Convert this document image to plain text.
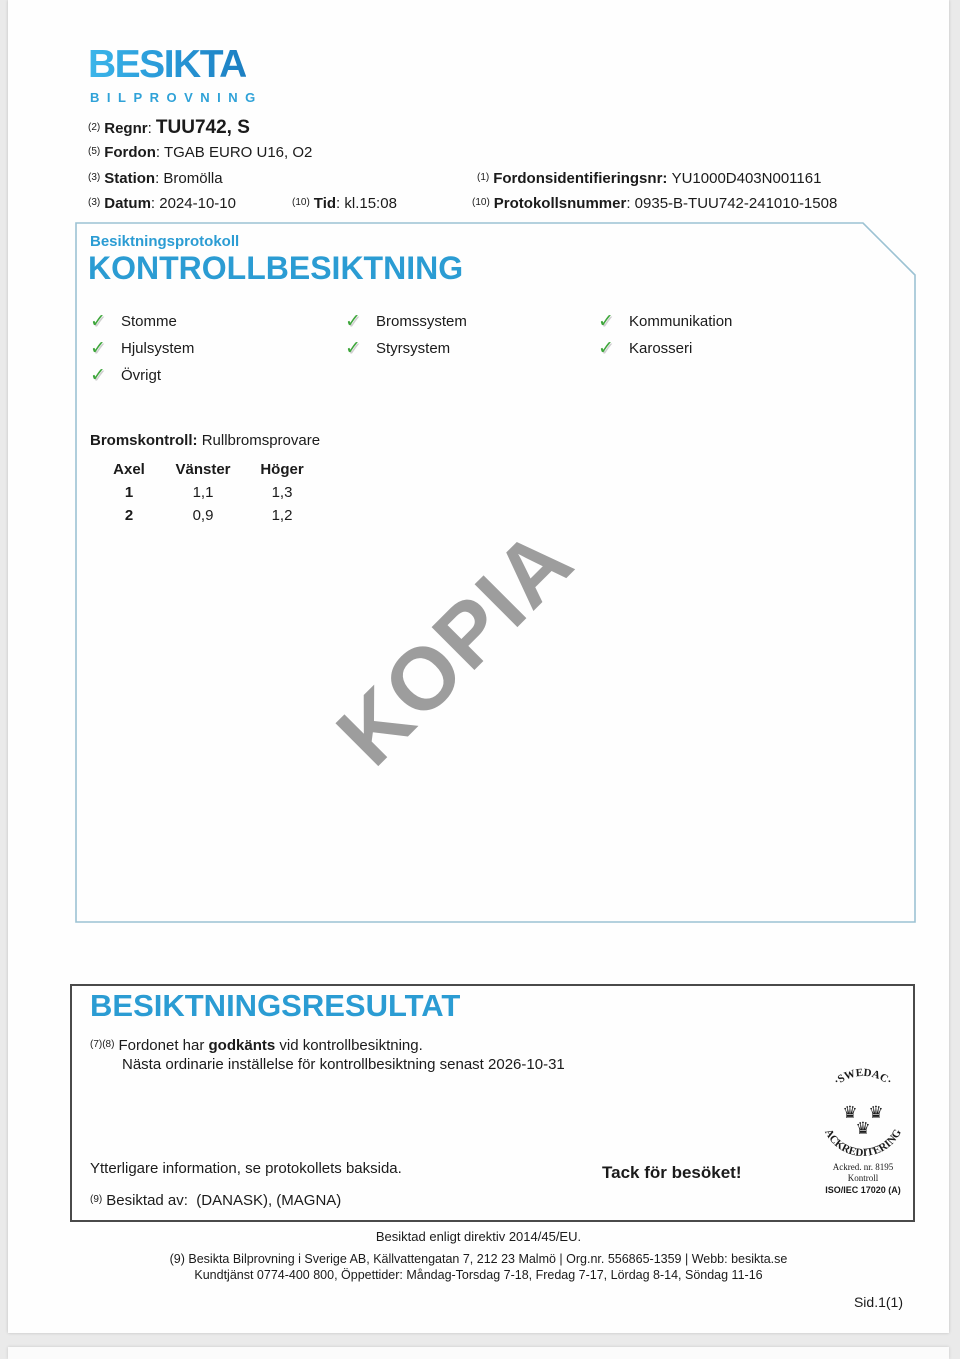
BESIKTA
BILPROVNING
$^{(2)}$ Regnr: TUU742, S
$^{(5)}$ Fordon: TGAB EURO U16, O2
$^{(3)}$ Station: Bromölla
$^{(3)}$ Datum: 2024-10-10	$^{(10)}$ Tid: kl.15:08
$^{(1)}$ Fordonsidentifieringsnr: YU1000D403N001161
$^{(10)}$ Protokollsnummer: 0935-B-TUU742-241010-1508
Besiktningsprotokoll
KONTROLLBESIKTNING
✓ Stomme
✓ Hjulsystem
✓ Övrigt
✓ Bromssystem
✓ Styrsystem
✓ Kommunikation
✓ Karosseri
Bromskontroll: Rullbromsprovare
Axel	Vänster	Höger
1	1,1	1,3
2	0,9	1,2 KOPIA
BESIKTNINGSRESULTAT
$^{(7)(8)}$ Fordonet har godkänts vid kontrollbesiktning.
Nästa ordinarie inställelse för kontrollbesiktning senast 2026-10-31
Ytterligare information, se protokollets baksida.	Tack för besöket!
$^{(9)}$ Besiktad av: (DANASK), (MAGNA)
·SWEDAC·
ACKREDITERING
♛ ♛
♛
Ackred. nr. 8195
Kontroll
ISO/IEC 17020 (A)
Besiktad enligt direktiv 2014/45/EU.
(9) Besikta Bilprovning i Sverige AB, Källvattengatan 7, 212 23 Malmö | Org.nr. 556865-1359 | Webb: besikta.se
Kundtjänst 0774-400 800, Öppettider: Måndag-Torsdag 7-18, Fredag 7-17, Lördag 8-14, Söndag 11-16
Sid.1(1)
